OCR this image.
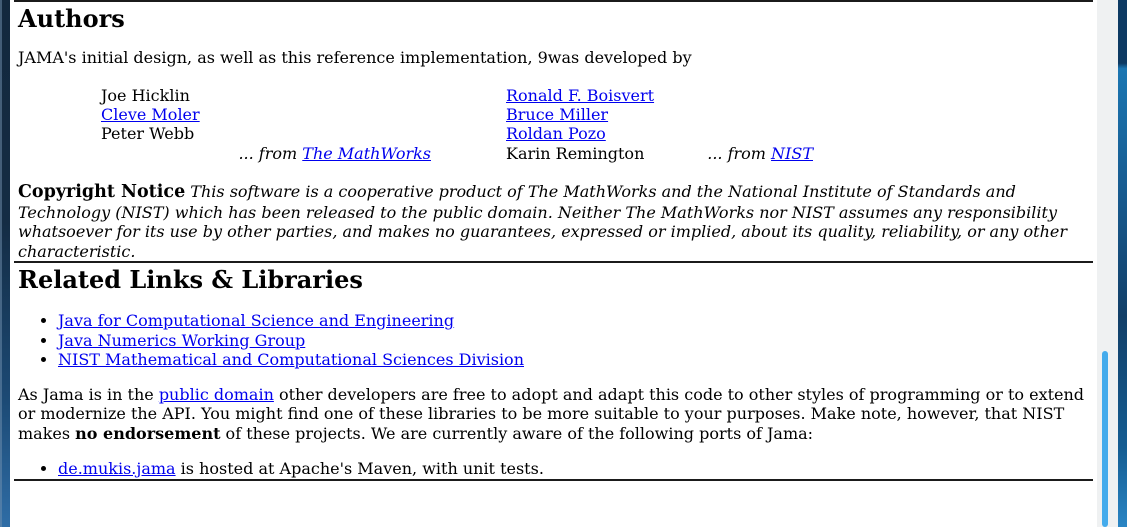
Authors

JAMA's initial design, as well as this reference implementation, 9was developed by

Joe Hicklin
Cleve Moler
Peter Webb
... from The MathWorks
Ronald F. Boisvert
Bruce Miller
Roldan Pozo
Karin Remington	... from NIST

Copyright Notice This software is a cooperative product of The MathWorks and the National Institute of Standards and Technology (NIST) which has been released to the public domain. Neither The MathWorks nor NIST assumes any responsibility whatsoever for its use by other parties, and makes no guarantees, expressed or implied, about its quality, reliability, or any other characteristic.

Related Links & Libraries
• Java for Computational Science and Engineering
• Java Numerics Working Group
• NIST Mathematical and Computational Sciences Division

As Jama is in the public domain other developers are free to adopt and adapt this code to other styles of programming or to extend or modernize the API. You might find one of these libraries to be more suitable to your purposes. Make note, however, that NIST makes no endorsement of these projects. We are currently aware of the following ports of Jama:

• de.mukis.jama is hosted at Apache's Maven, with unit tests.
